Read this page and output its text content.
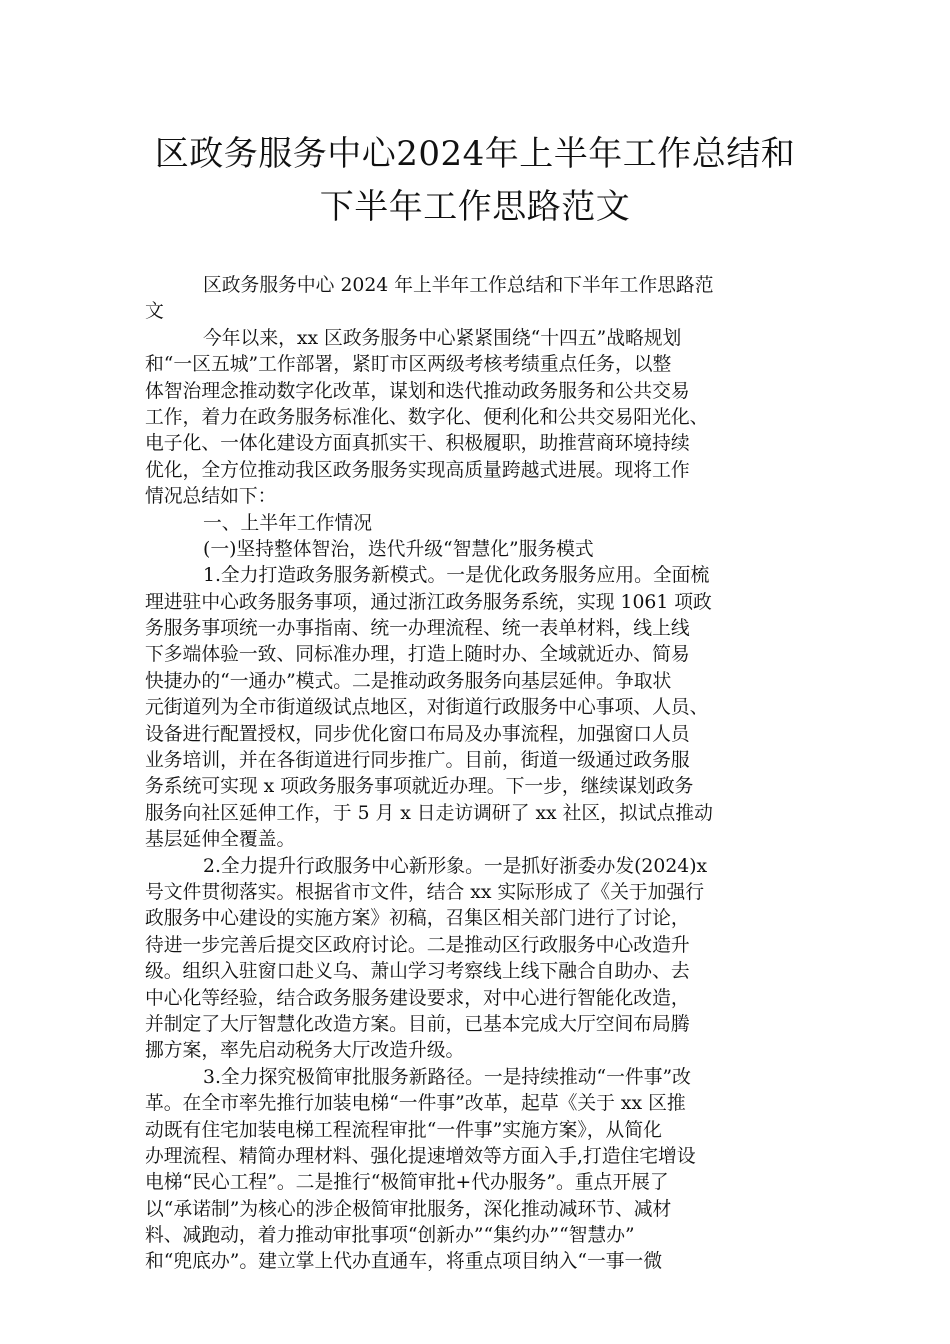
区政务服务中心2024年上半年工作总结和
下半年工作思路范文
区政务服务中心 2024 年上半年工作总结和下半年工作思路范
文
今年以来，xx 区政务服务中心紧紧围绕“十四五”战略规划
和“一区五城”工作部署，紧盯市区两级考核考绩重点任务，以整
体智治理念推动数字化改革，谋划和迭代推动政务服务和公共交易
工作，着力在政务服务标准化、数字化、便利化和公共交易阳光化、
电子化、一体化建设方面真抓实干、积极履职，助推营商环境持续
优化，全方位推动我区政务服务实现高质量跨越式进展。现将工作
情况总结如下：
一、上半年工作情况
(一)坚持整体智治，迭代升级“智慧化”服务模式
1.全力打造政务服务新模式。一是优化政务服务应用。全面梳
理进驻中心政务服务事项，通过浙江政务服务系统，实现 1061 项政
务服务事项统一办事指南、统一办理流程、统一表单材料，线上线
下多端体验一致、同标准办理，打造上随时办、全域就近办、简易
快捷办的“一通办”模式。二是推动政务服务向基层延伸。争取状
元街道列为全市街道级试点地区，对街道行政服务中心事项、人员、
设备进行配置授权，同步优化窗口布局及办事流程，加强窗口人员
业务培训，并在各街道进行同步推广。目前，街道一级通过政务服
务系统可实现 x 项政务服务事项就近办理。下一步，继续谋划政务
服务向社区延伸工作，于 5 月 x 日走访调研了 xx 社区，拟试点推动
基层延伸全覆盖。
2.全力提升行政服务中心新形象。一是抓好浙委办发(2024)x
号文件贯彻落实。根据省市文件，结合 xx 实际形成了《关于加强行
政服务中心建设的实施方案》初稿，召集区相关部门进行了讨论，
待进一步完善后提交区政府讨论。二是推动区行政服务中心改造升
级。组织入驻窗口赴义乌、萧山学习考察线上线下融合自助办、去
中心化等经验，结合政务服务建设要求，对中心进行智能化改造，
并制定了大厅智慧化改造方案。目前，已基本完成大厅空间布局腾
挪方案，率先启动税务大厅改造升级。
3.全力探究极简审批服务新路径。一是持续推动“一件事”改
革。在全市率先推行加装电梯“一件事”改革，起草《关于 xx 区推
动既有住宅加装电梯工程流程审批“一件事”实施方案》，从简化
办理流程、精简办理材料、强化提速增效等方面入手,打造住宅增设
电梯“民心工程”。二是推行“极简审批+代办服务”。重点开展了
以“承诺制”为核心的涉企极简审批服务，深化推动减环节、减材
料、减跑动，着力推动审批事项“创新办”“集约办”“智慧办”
和“兜底办”。建立掌上代办直通车，将重点项目纳入“一事一微
